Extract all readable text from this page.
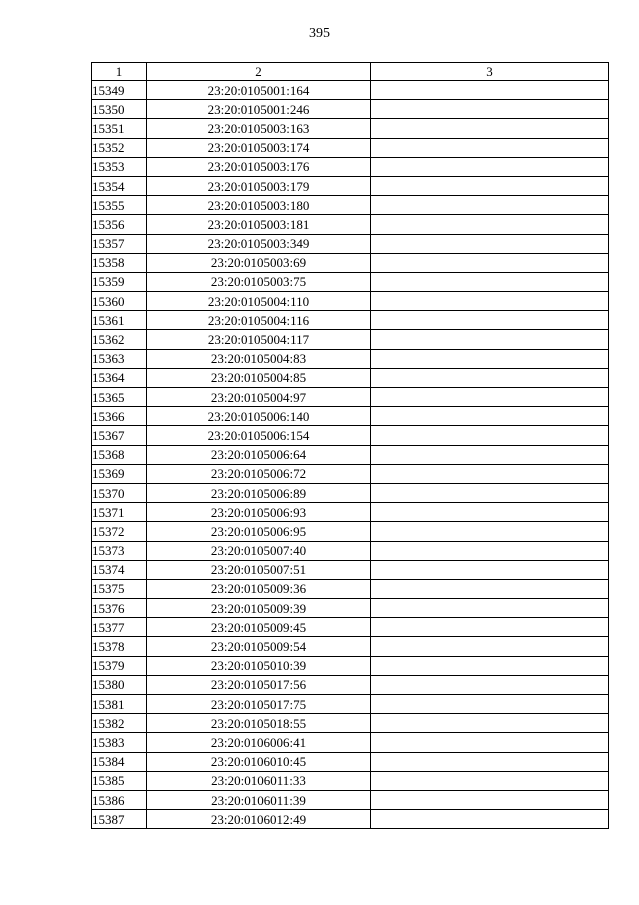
395
1	2	3
15349	23:20:0105001:164	
15350	23:20:0105001:246	
15351	23:20:0105003:163	
15352	23:20:0105003:174	
15353	23:20:0105003:176	
15354	23:20:0105003:179	
15355	23:20:0105003:180	
15356	23:20:0105003:181	
15357	23:20:0105003:349	
15358	23:20:0105003:69	
15359	23:20:0105003:75	
15360	23:20:0105004:110	
15361	23:20:0105004:116	
15362	23:20:0105004:117	
15363	23:20:0105004:83	
15364	23:20:0105004:85	
15365	23:20:0105004:97	
15366	23:20:0105006:140	
15367	23:20:0105006:154	
15368	23:20:0105006:64	
15369	23:20:0105006:72	
15370	23:20:0105006:89	
15371	23:20:0105006:93	
15372	23:20:0105006:95	
15373	23:20:0105007:40	
15374	23:20:0105007:51	
15375	23:20:0105009:36	
15376	23:20:0105009:39	
15377	23:20:0105009:45	
15378	23:20:0105009:54	
15379	23:20:0105010:39	
15380	23:20:0105017:56	
15381	23:20:0105017:75	
15382	23:20:0105018:55	
15383	23:20:0106006:41	
15384	23:20:0106010:45	
15385	23:20:0106011:33	
15386	23:20:0106011:39	
15387	23:20:0106012:49	
